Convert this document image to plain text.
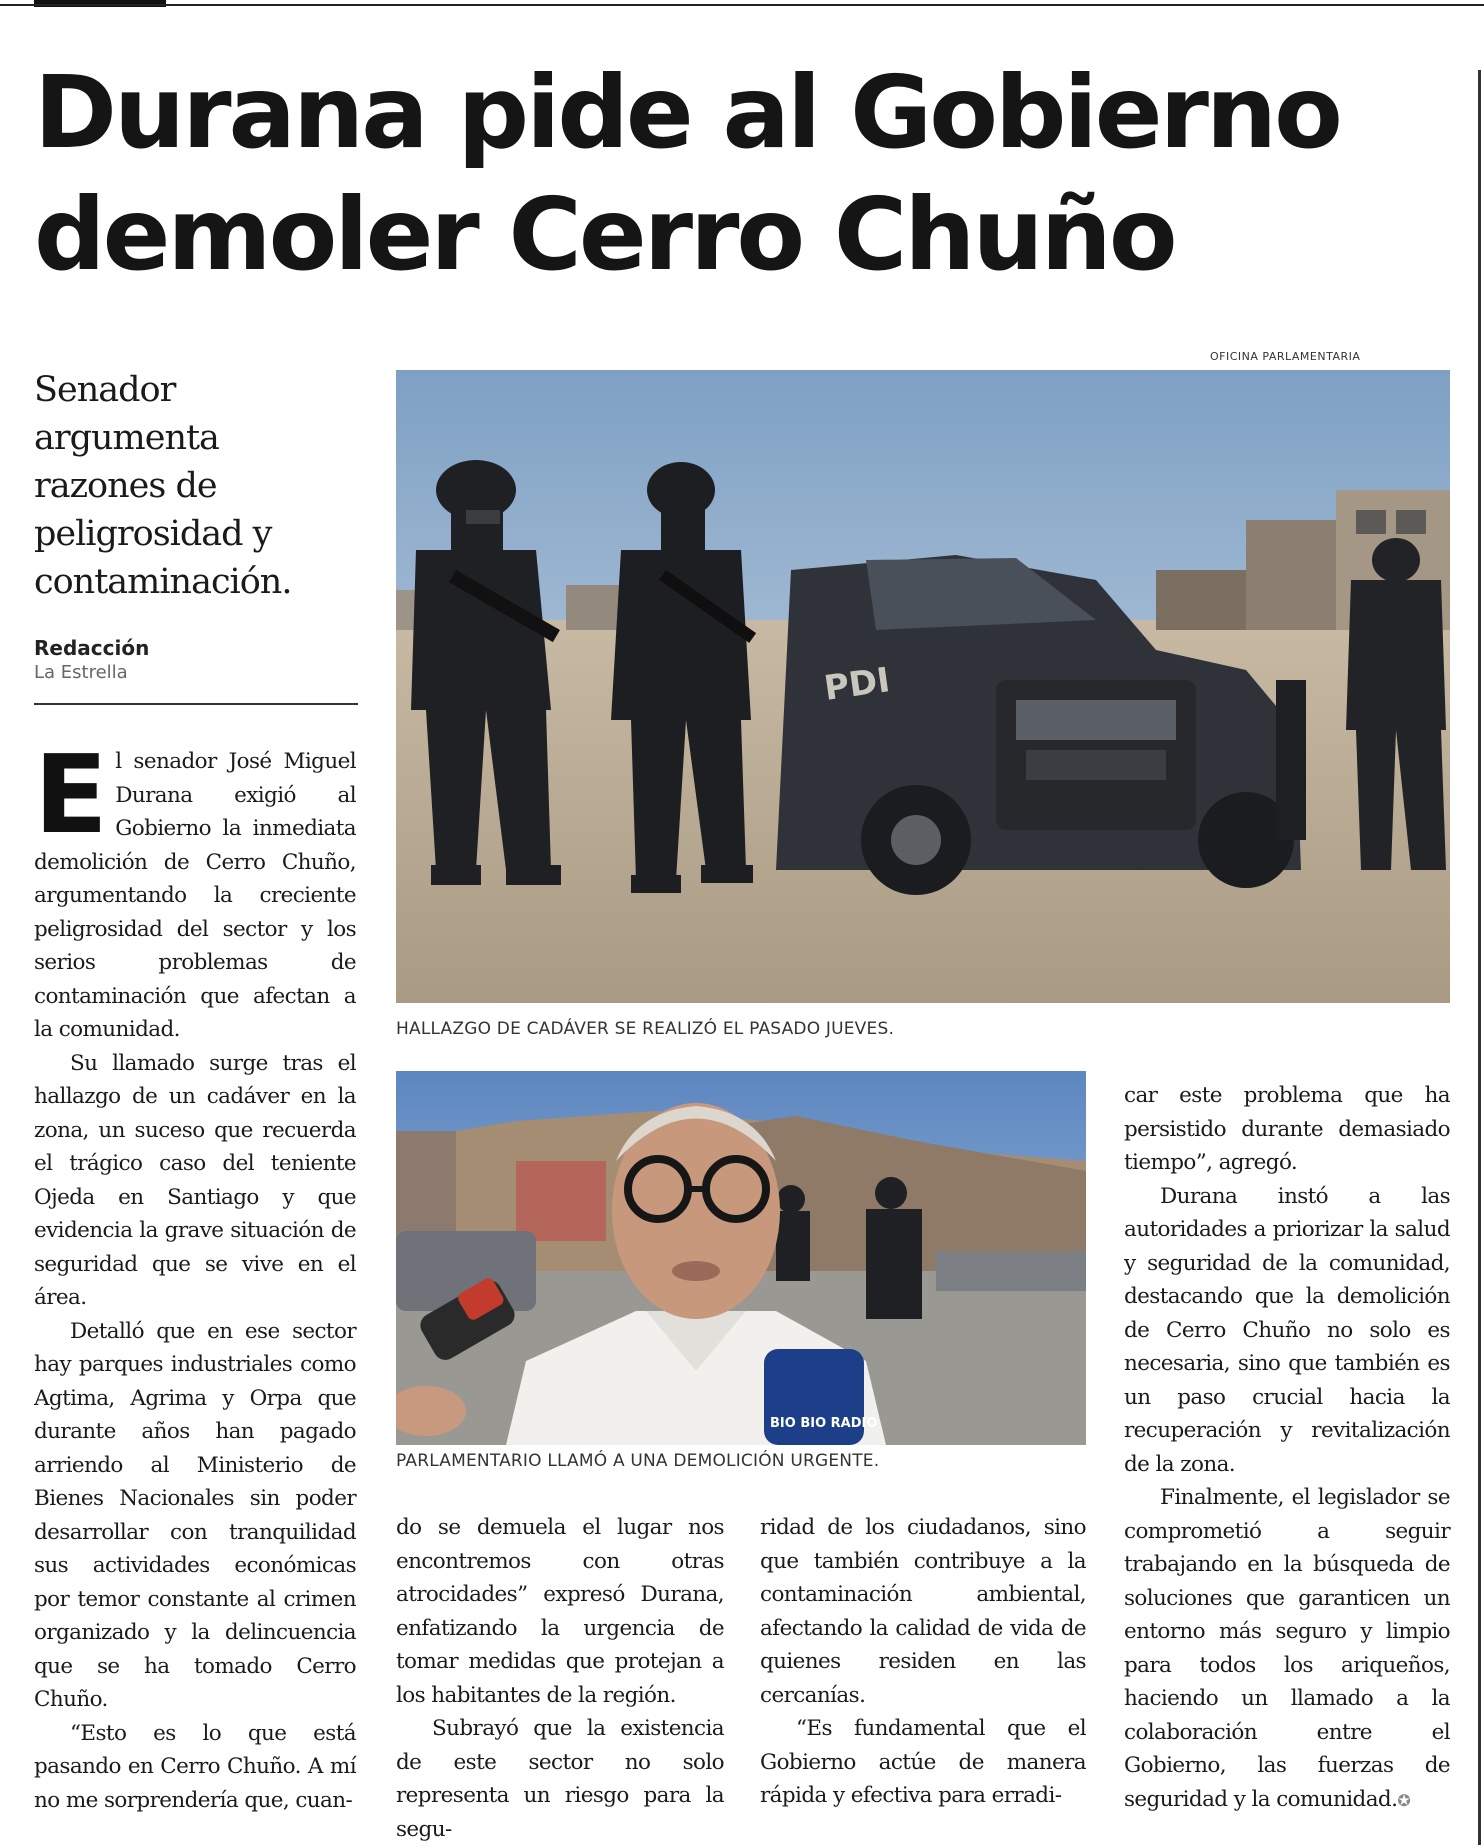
Durana pide al Gobierno
demoler Cerro Chuño
Senador argumenta razones de peligrosidad y contaminación.
Redacción
La Estrella
OFICINA PARLAMENTARIA
PDI
HALLAZGO DE CADÁVER SE REALIZÓ EL PASADO JUEVES.
BIO BIO RADIO
PARLAMENTARIO LLAMÓ A UNA DEMOLICIÓN URGENTE.

El senador José Miguel Durana exigió al Gobierno la inmediata demolición de Cerro Chuño, argumentando la creciente peligrosidad del sector y los serios problemas de contaminación que afectan a la comunidad.

Su llamado surge tras el hallazgo de un cadáver en la zona, un suceso que recuerda el trágico caso del teniente Ojeda en Santiago y que evidencia la grave situación de seguridad que se vive en el área.

Detalló que en ese sector hay parques industriales como Agtima, Agrima y Orpa que durante años han pagado arriendo al Ministerio de Bienes Nacionales sin poder desarrollar con tranquilidad sus actividades económicas por temor constante al crimen organizado y la delincuencia que se ha tomado Cerro Chuño.

“Esto es lo que está pasando en Cerro Chuño. A mí no me sorprendería que, cuan-

do se demuela el lugar nos encontremos con otras atrocidades” expresó Durana, enfatizando la urgencia de tomar medidas que protejan a los habitantes de la región.

Subrayó que la existencia de este sector no solo representa un riesgo para la segu-

ridad de los ciudadanos, sino que también contribuye a la contaminación ambiental, afectando la calidad de vida de quienes residen en las cercanías.

“Es fundamental que el Gobierno actúe de manera rápida y efectiva para erradi-

car este problema que ha persistido durante demasiado tiempo”, agregó.

Durana instó a las autoridades a priorizar la salud y seguridad de la comunidad, destacando que la demolición de Cerro Chuño no solo es necesaria, sino que también es un paso crucial hacia la recuperación y revitalización de la zona.

Finalmente, el legislador se comprometió a seguir trabajando en la búsqueda de soluciones que garanticen un entorno más seguro y limpio para todos los ariqueños, haciendo un llamado a la colaboración entre el Gobierno, las fuerzas de seguridad y la comunidad.✪
